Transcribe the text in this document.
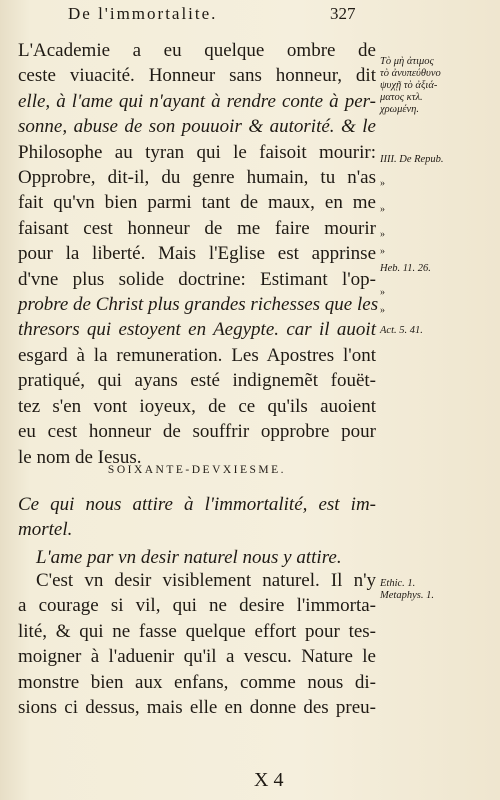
De l'immortalite.	327
L'Academie a eu quelque ombre de
ceste viuacité. Honneur sans honneur, dit
elle, à l'ame qui n'ayant à rendre conte à per-
sonne, abuse de son pouuoir & autorité. & le
Philosophe au tyran qui le faisoit mourir:
Opprobre, dit-il, du genre humain, tu n'as
fait qu'vn bien parmi tant de maux, en me
faisant cest honneur de me faire mourir
pour la liberté. Mais l'Eglise est apprinse
d'vne plus solide doctrine: Estimant l'op-
probre de Christ plus grandes richesses que les
thresors qui estoyent en Aegypte. car il auoit
esgard à la remuneration. Les Apostres l'ont
pratiqué, qui ayans esté indignemẽt fouët-
tez s'en vont ioyeux, de ce qu'ils auoient
eu cest honneur de souffrir opprobre pour
le nom de Iesus.
Τὸ μὴ ἀτιμος
τὸ ἀνυπεύθυνο
ψυχῇ τὸ ἀξιά-
ματος κτλ.
χρωμένη.
IIII. De Repub.
»
»
»
»
Heb. 11. 26.
»
»
Act. 5. 41.
SOIXANTE-DEVXIESME.
Ce qui nous attire à l'immortalité, est im-
mortel.
L'ame par vn desir naturel nous y attire.
C'est vn desir visiblement naturel. Il n'y
a courage si vil, qui ne desire l'immorta-
lité, & qui ne fasse quelque effort pour tes-
moigner à l'aduenir qu'il a vescu. Nature le
monstre bien aux enfans, comme nous di-
sions ci dessus, mais elle en donne des preu-
Ethic. 1.
Metaphys. 1.
X 4
